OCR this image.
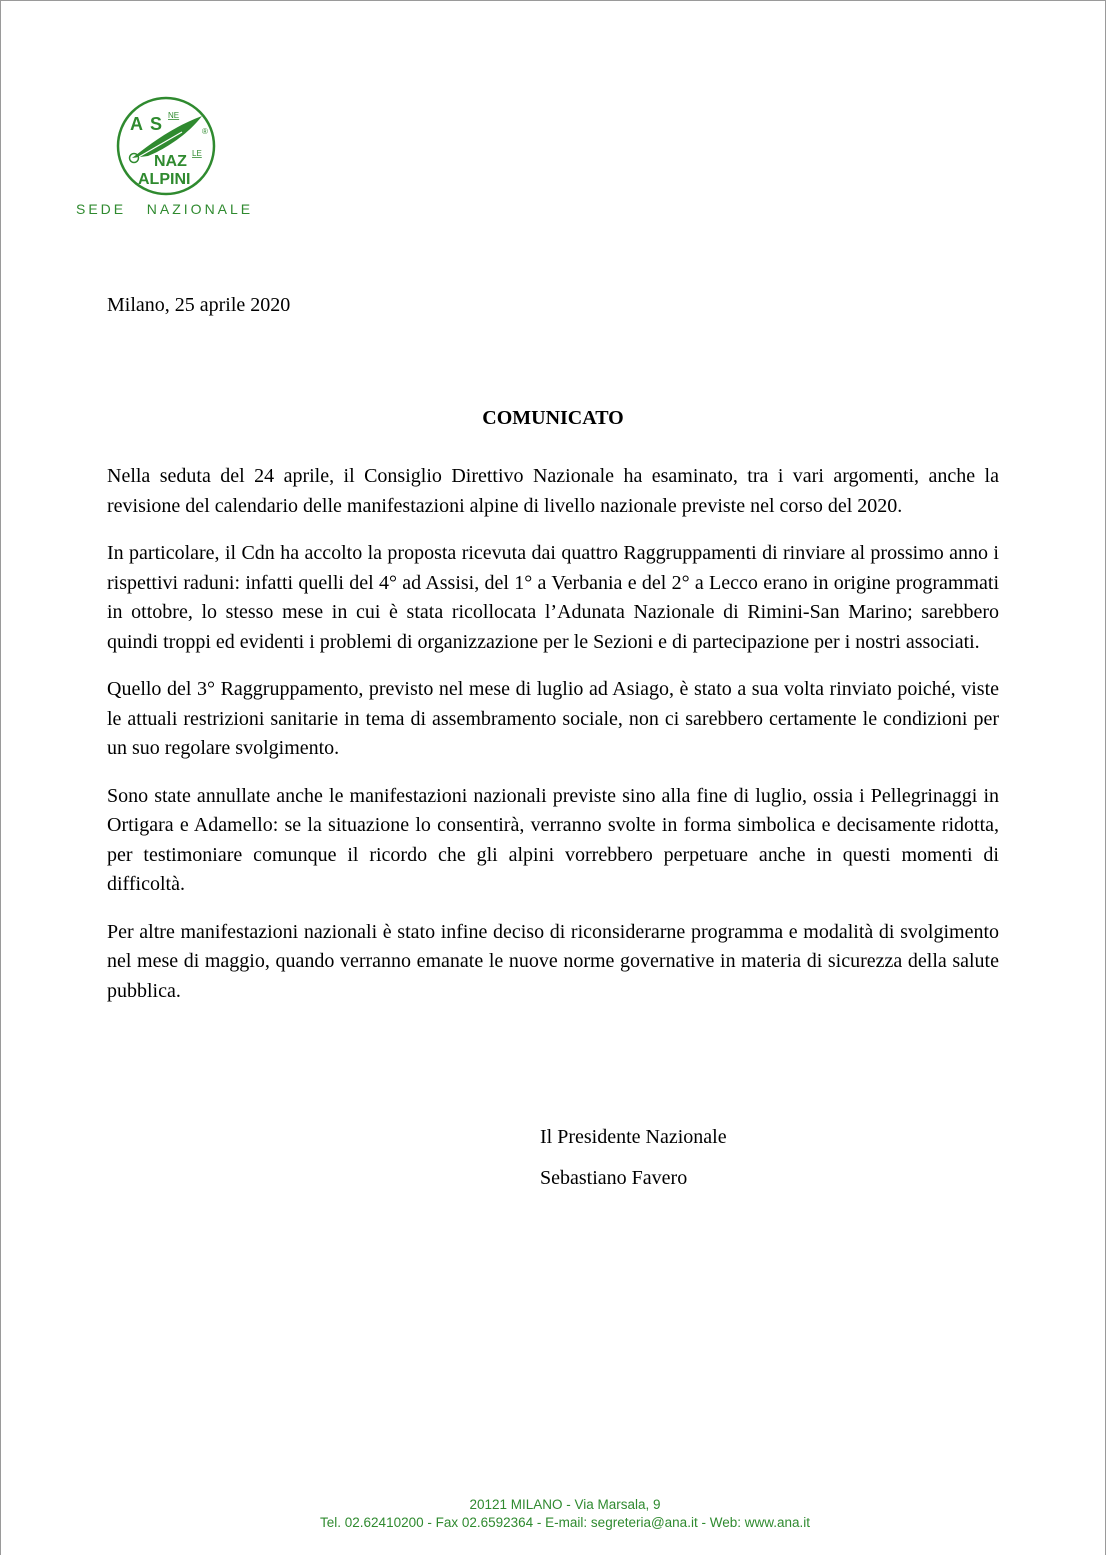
A S NE
®
NAZ LE
ALPINI
SEDE   NAZIONALE
Milano, 25 aprile 2020
COMUNICATO

Nella seduta del 24 aprile, il Consiglio Direttivo Nazionale ha esaminato, tra i vari argomenti, anche la revisione del calendario delle manifestazioni alpine di livello nazionale previste nel corso del 2020.

In particolare, il Cdn ha accolto la proposta ricevuta dai quattro Raggruppamenti di rinviare al prossimo anno i rispettivi raduni: infatti quelli del 4° ad Assisi, del 1° a Verbania e del 2° a Lecco erano in origine programmati in ottobre, lo stesso mese in cui è stata ricollocata l’Adunata Nazionale di Rimini-San Marino; sarebbero quindi troppi ed evidenti i problemi di organizzazione per le Sezioni e di partecipazione per i nostri associati.

Quello del 3° Raggruppamento, previsto nel mese di luglio ad Asiago, è stato a sua volta rinviato poiché, viste le attuali restrizioni sanitarie in tema di assembramento sociale, non ci sarebbero certamente le condizioni per un suo regolare svolgimento.

Sono state annullate anche le manifestazioni nazionali previste sino alla fine di luglio, ossia i Pellegrinaggi in Ortigara e Adamello: se la situazione lo consentirà, verranno svolte in forma simbolica e decisamente ridotta, per testimoniare comunque il ricordo che gli alpini vorrebbero perpetuare anche in questi momenti di difficoltà.

Per altre manifestazioni nazionali è stato infine deciso di riconsiderarne programma e modalità di svolgimento nel mese di maggio, quando verranno emanate le nuove norme governative in materia di sicurezza della salute pubblica.

Il Presidente Nazionale
Sebastiano Favero
20121 MILANO - Via Marsala, 9
Tel. 02.62410200 - Fax 02.6592364 - E-mail: segreteria@ana.it - Web: www.ana.it
